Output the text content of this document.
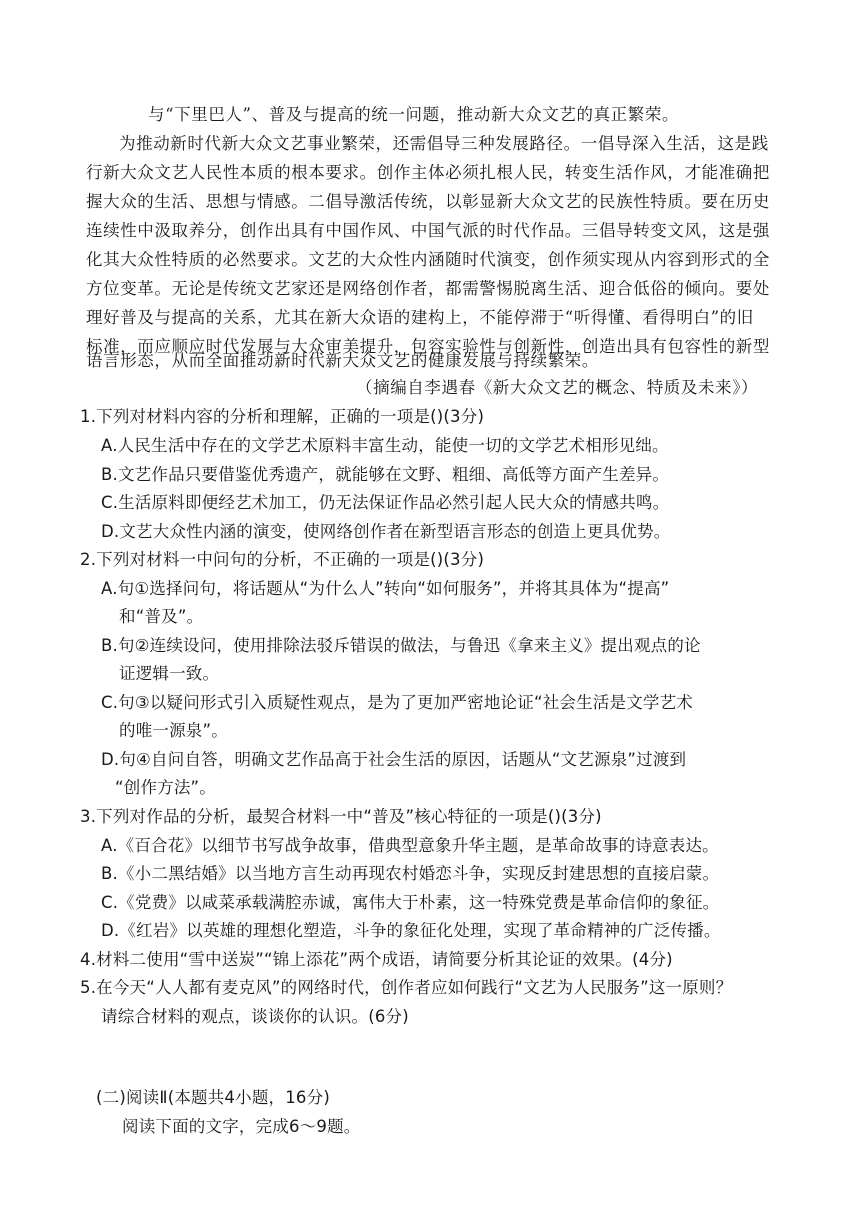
与“下里巴人”、普及与提高的统一问题，推动新大众文艺的真正繁荣。
为推动新时代新大众文艺事业繁荣，还需倡导三种发展路径。一倡导深入生活，这是践
行新大众文艺人民性本质的根本要求。创作主体必须扎根人民，转变生活作风，才能准确把
握大众的生活、思想与情感。二倡导激活传统，以彰显新大众文艺的民族性特质。要在历史
连续性中汲取养分，创作出具有中国作风、中国气派的时代作品。三倡导转变文风，这是强
化其大众性特质的必然要求。文艺的大众性内涵随时代演变，创作须实现从内容到形式的全
方位变革。无论是传统文艺家还是网络创作者，都需警惕脱离生活、迎合低俗的倾向。要处
理好普及与提高的关系，尤其在新大众语的建构上，不能停滞于“听得懂、看得明白”的旧
标准，而应顺应时代发展与大众审美提升，包容实验性与创新性，创造出具有包容性的新型
语言形态，从而全面推动新时代新大众文艺的健康发展与持续繁荣。
（摘编自李遇春《新大众文艺的概念、特质及未来》）
1.下列对材料内容的分析和理解，正确的一项是()(3分)
A.人民生活中存在的文学艺术原料丰富生动，能使一切的文学艺术相形见绌。
B.文艺作品只要借鉴优秀遗产，就能够在文野、粗细、高低等方面产生差异。
C.生活原料即便经艺术加工，仍无法保证作品必然引起人民大众的情感共鸣。
D.文艺大众性内涵的演变，使网络创作者在新型语言形态的创造上更具优势。
2.下列对材料一中问句的分析，不正确的一项是()(3分)
A.句①选择问句，将话题从“为什么人”转向“如何服务”，并将其具体为“提高”
和“普及”。
B.句②连续设问，使用排除法驳斥错误的做法，与鲁迅《拿来主义》提出观点的论
证逻辑一致。
C.句③以疑问形式引入质疑性观点，是为了更加严密地论证“社会生活是文学艺术
的唯一源泉”。
D.句④自问自答，明确文艺作品高于社会生活的原因，话题从“文艺源泉”过渡到
“创作方法”。
3.下列对作品的分析，最契合材料一中“普及”核心特征的一项是()(3分)
A.《百合花》以细节书写战争故事，借典型意象升华主题，是革命故事的诗意表达。
B.《小二黑结婚》以当地方言生动再现农村婚恋斗争，实现反封建思想的直接启蒙。
C.《党费》以咸菜承载满腔赤诚，寓伟大于朴素，这一特殊党费是革命信仰的象征。
D.《红岩》以英雄的理想化塑造，斗争的象征化处理，实现了革命精神的广泛传播。
4.材料二使用“雪中送炭”“锦上添花”两个成语，请简要分析其论证的效果。(4分)
5.在今天“人人都有麦克风”的网络时代，创作者应如何践行“文艺为人民服务”这一原则？
请综合材料的观点，谈谈你的认识。(6分)
(二)阅读Ⅱ(本题共4小题，16分)
阅读下面的文字，完成6～9题。
